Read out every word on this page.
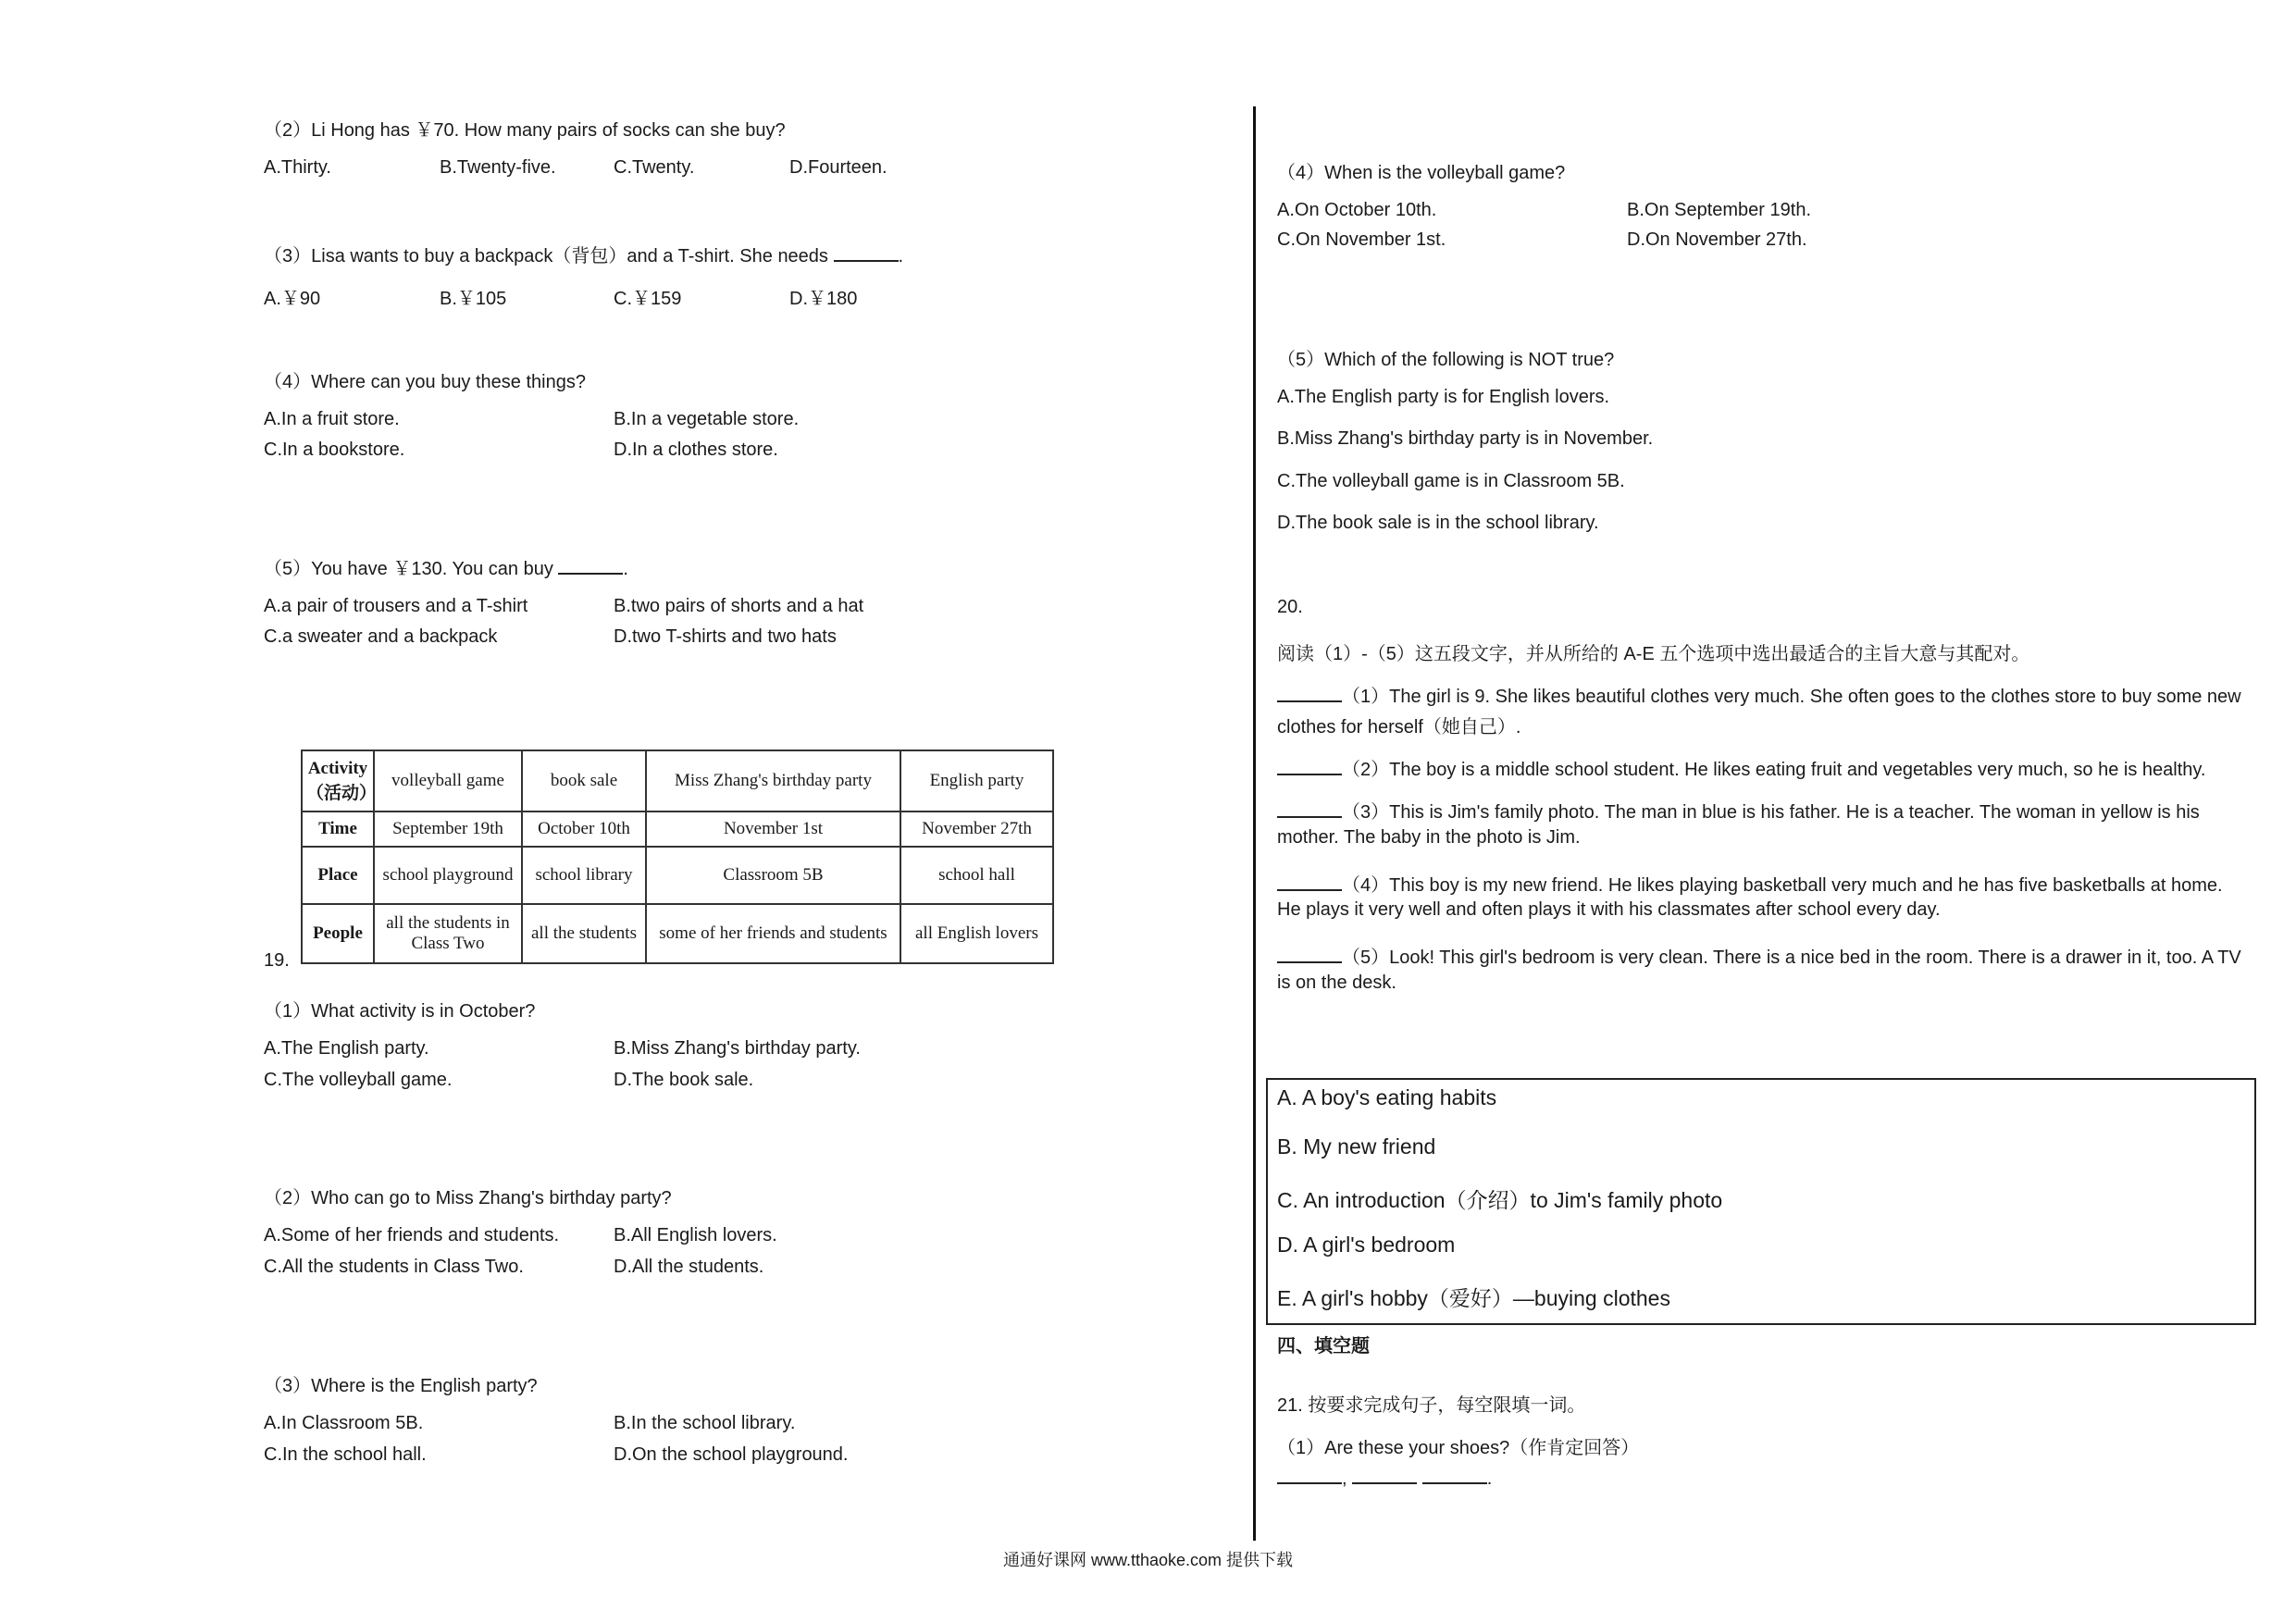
（2）Li Hong has ￥70. How many pairs of socks can she buy?
A.Thirty.	B.Twenty-five.	C.Twenty.	D.Fourteen.
（3）Lisa wants to buy a backpack（背包）and a T-shirt. She needs	.
A.￥90	B.￥105	C.￥159	D.￥180
（4）Where can you buy these things?
A.In a fruit store.	B.In a vegetable store.
C.In a bookstore.	D.In a clothes store.
（5）You have ￥130. You can buy	.
A.a pair of trousers and a T-shirt	B.two pairs of shorts and a hat
C.a sweater and a backpack	D.two T-shirts and two hats
Activity（活动）	volleyball game	book sale	Miss Zhang's birthday party	English party
Time	September 19th	October 10th	November 1st	November 27th
Place	school playground	school library	Classroom 5B	school hall
People	all the students in Class Two	all the students	some of her friends and students	all English lovers
19.
（1）What activity is in October?
A.The English party.	B.Miss Zhang's birthday party.
C.The volleyball game.	D.The book sale.
（2）Who can go to Miss Zhang's birthday party?
A.Some of her friends and students.	B.All English lovers.
C.All the students in Class Two.	D.All the students.
（3）Where is the English party?
A.In Classroom 5B.	B.In the school library.
C.In the school hall.	D.On the school playground.
（4）When is the volleyball game?
A.On October 10th.	B.On September 19th.
C.On November 1st.	D.On November 27th.
（5）Which of the following is NOT true?
A.The English party is for English lovers.
B.Miss Zhang's birthday party is in November.
C.The volleyball game is in Classroom 5B.
D.The book sale is in the school library.
20.
阅读（1）-（5）这五段文字，并从所给的 A-E 五个选项中选出最适合的主旨大意与其配对。
（1）The girl is 9. She likes beautiful clothes very much. She often goes to the clothes store to buy some new
clothes for herself（她自己）.
（2）The boy is a middle school student. He likes eating fruit and vegetables very much, so he is healthy.
（3）This is Jim's family photo. The man in blue is his father. He is a teacher. The woman in yellow is his
mother. The baby in the photo is Jim.
（4）This boy is my new friend. He likes playing basketball very much and he has five basketballs at home.
He plays it very well and often plays it with his classmates after school every day.
（5）Look! This girl's bedroom is very clean. There is a nice bed in the room. There is a drawer in it, too. A TV
is on the desk.
A. A boy's eating habits
B. My new friend
C. An introduction（介绍）to Jim's family photo
D. A girl's bedroom
E. A girl's hobby（爱好）—buying clothes
四、填空题
21. 按要求完成句子，每空限填一词。
（1）Are these your shoes?（作肯定回答）
,	.
通通好课网 www.tthaoke.com 提供下载
